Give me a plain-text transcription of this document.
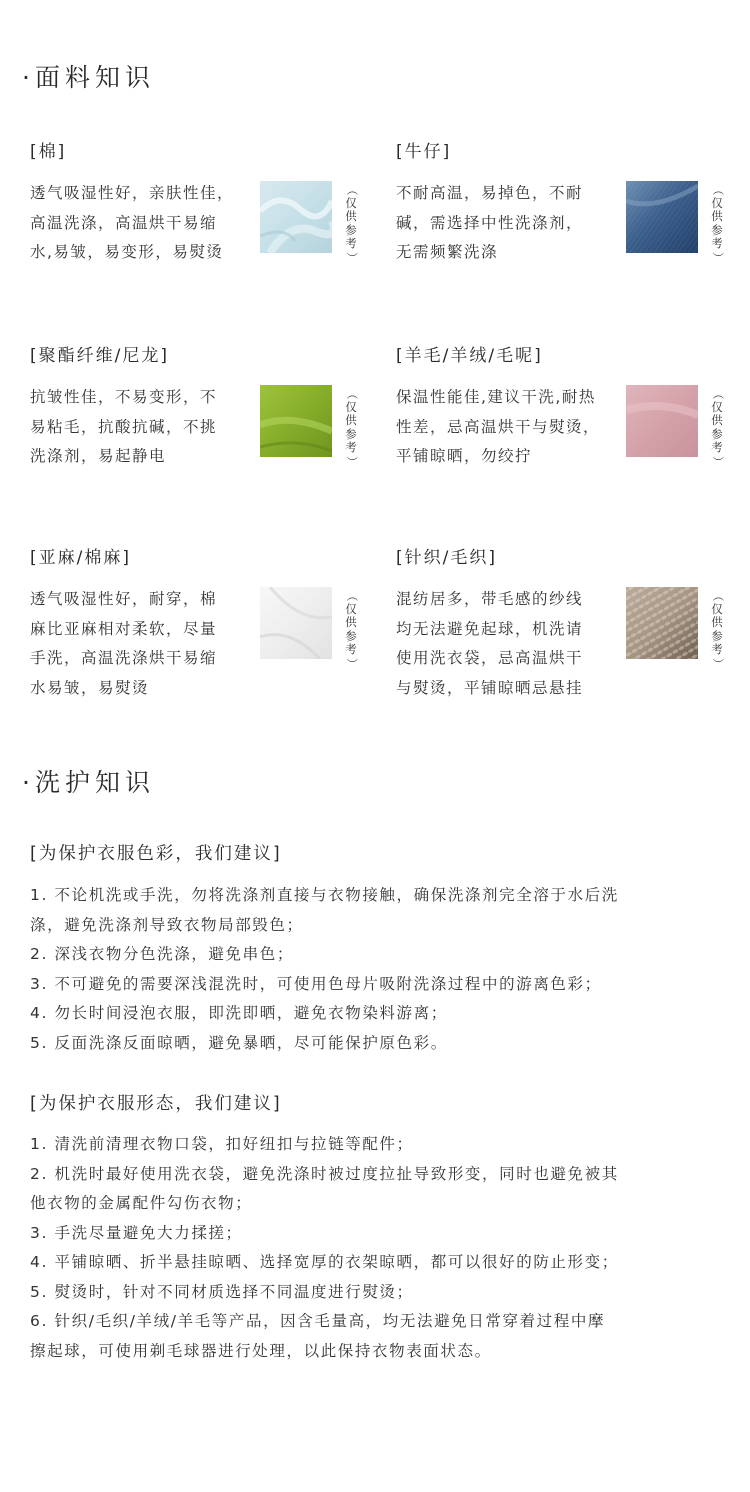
·面料知识
[棉]
透气吸湿性好，亲肤性佳，
高温洗涤，高温烘干易缩
水,易皱，易变形，易熨烫
（
仅
供
参
考
）
[牛仔]
不耐高温，易掉色，不耐
碱，需选择中性洗涤剂，
无需频繁洗涤
（
仅
供
参
考
）
[聚酯纤维/尼龙]
抗皱性佳，不易变形，不
易粘毛，抗酸抗碱，不挑
洗涤剂，易起静电
（
仅
供
参
考
）
[羊毛/羊绒/毛呢]
保温性能佳,建议干洗,耐热
性差，忌高温烘干与熨烫，
平铺晾晒，勿绞拧
（
仅
供
参
考
）
[亚麻/棉麻]
透气吸湿性好，耐穿，棉
麻比亚麻相对柔软，尽量
手洗，高温洗涤烘干易缩
水易皱，易熨烫
（
仅
供
参
考
）
[针织/毛织]
混纺居多，带毛感的纱线
均无法避免起球，机洗请
使用洗衣袋，忌高温烘干
与熨烫，平铺晾晒忌悬挂
（
仅
供
参
考
）
·洗护知识
[为保护衣服色彩，我们建议]
1. 不论机洗或手洗，勿将洗涤剂直接与衣物接触，确保洗涤剂完全溶于水后洗
涤，避免洗涤剂导致衣物局部毁色；
2. 深浅衣物分色洗涤，避免串色；
3. 不可避免的需要深浅混洗时，可使用色母片吸附洗涤过程中的游离色彩；
4. 勿长时间浸泡衣服，即洗即晒，避免衣物染料游离；
5. 反面洗涤反面晾晒，避免暴晒，尽可能保护原色彩。
[为保护衣服形态，我们建议]
1. 清洗前清理衣物口袋，扣好纽扣与拉链等配件；
2. 机洗时最好使用洗衣袋，避免洗涤时被过度拉扯导致形变，同时也避免被其
他衣物的金属配件勾伤衣物；
3. 手洗尽量避免大力揉搓；
4. 平铺晾晒、折半悬挂晾晒、选择宽厚的衣架晾晒，都可以很好的防止形变；
5. 熨烫时，针对不同材质选择不同温度进行熨烫；
6. 针织/毛织/羊绒/羊毛等产品，因含毛量高，均无法避免日常穿着过程中摩
擦起球，可使用剃毛球器进行处理，以此保持衣物表面状态。
